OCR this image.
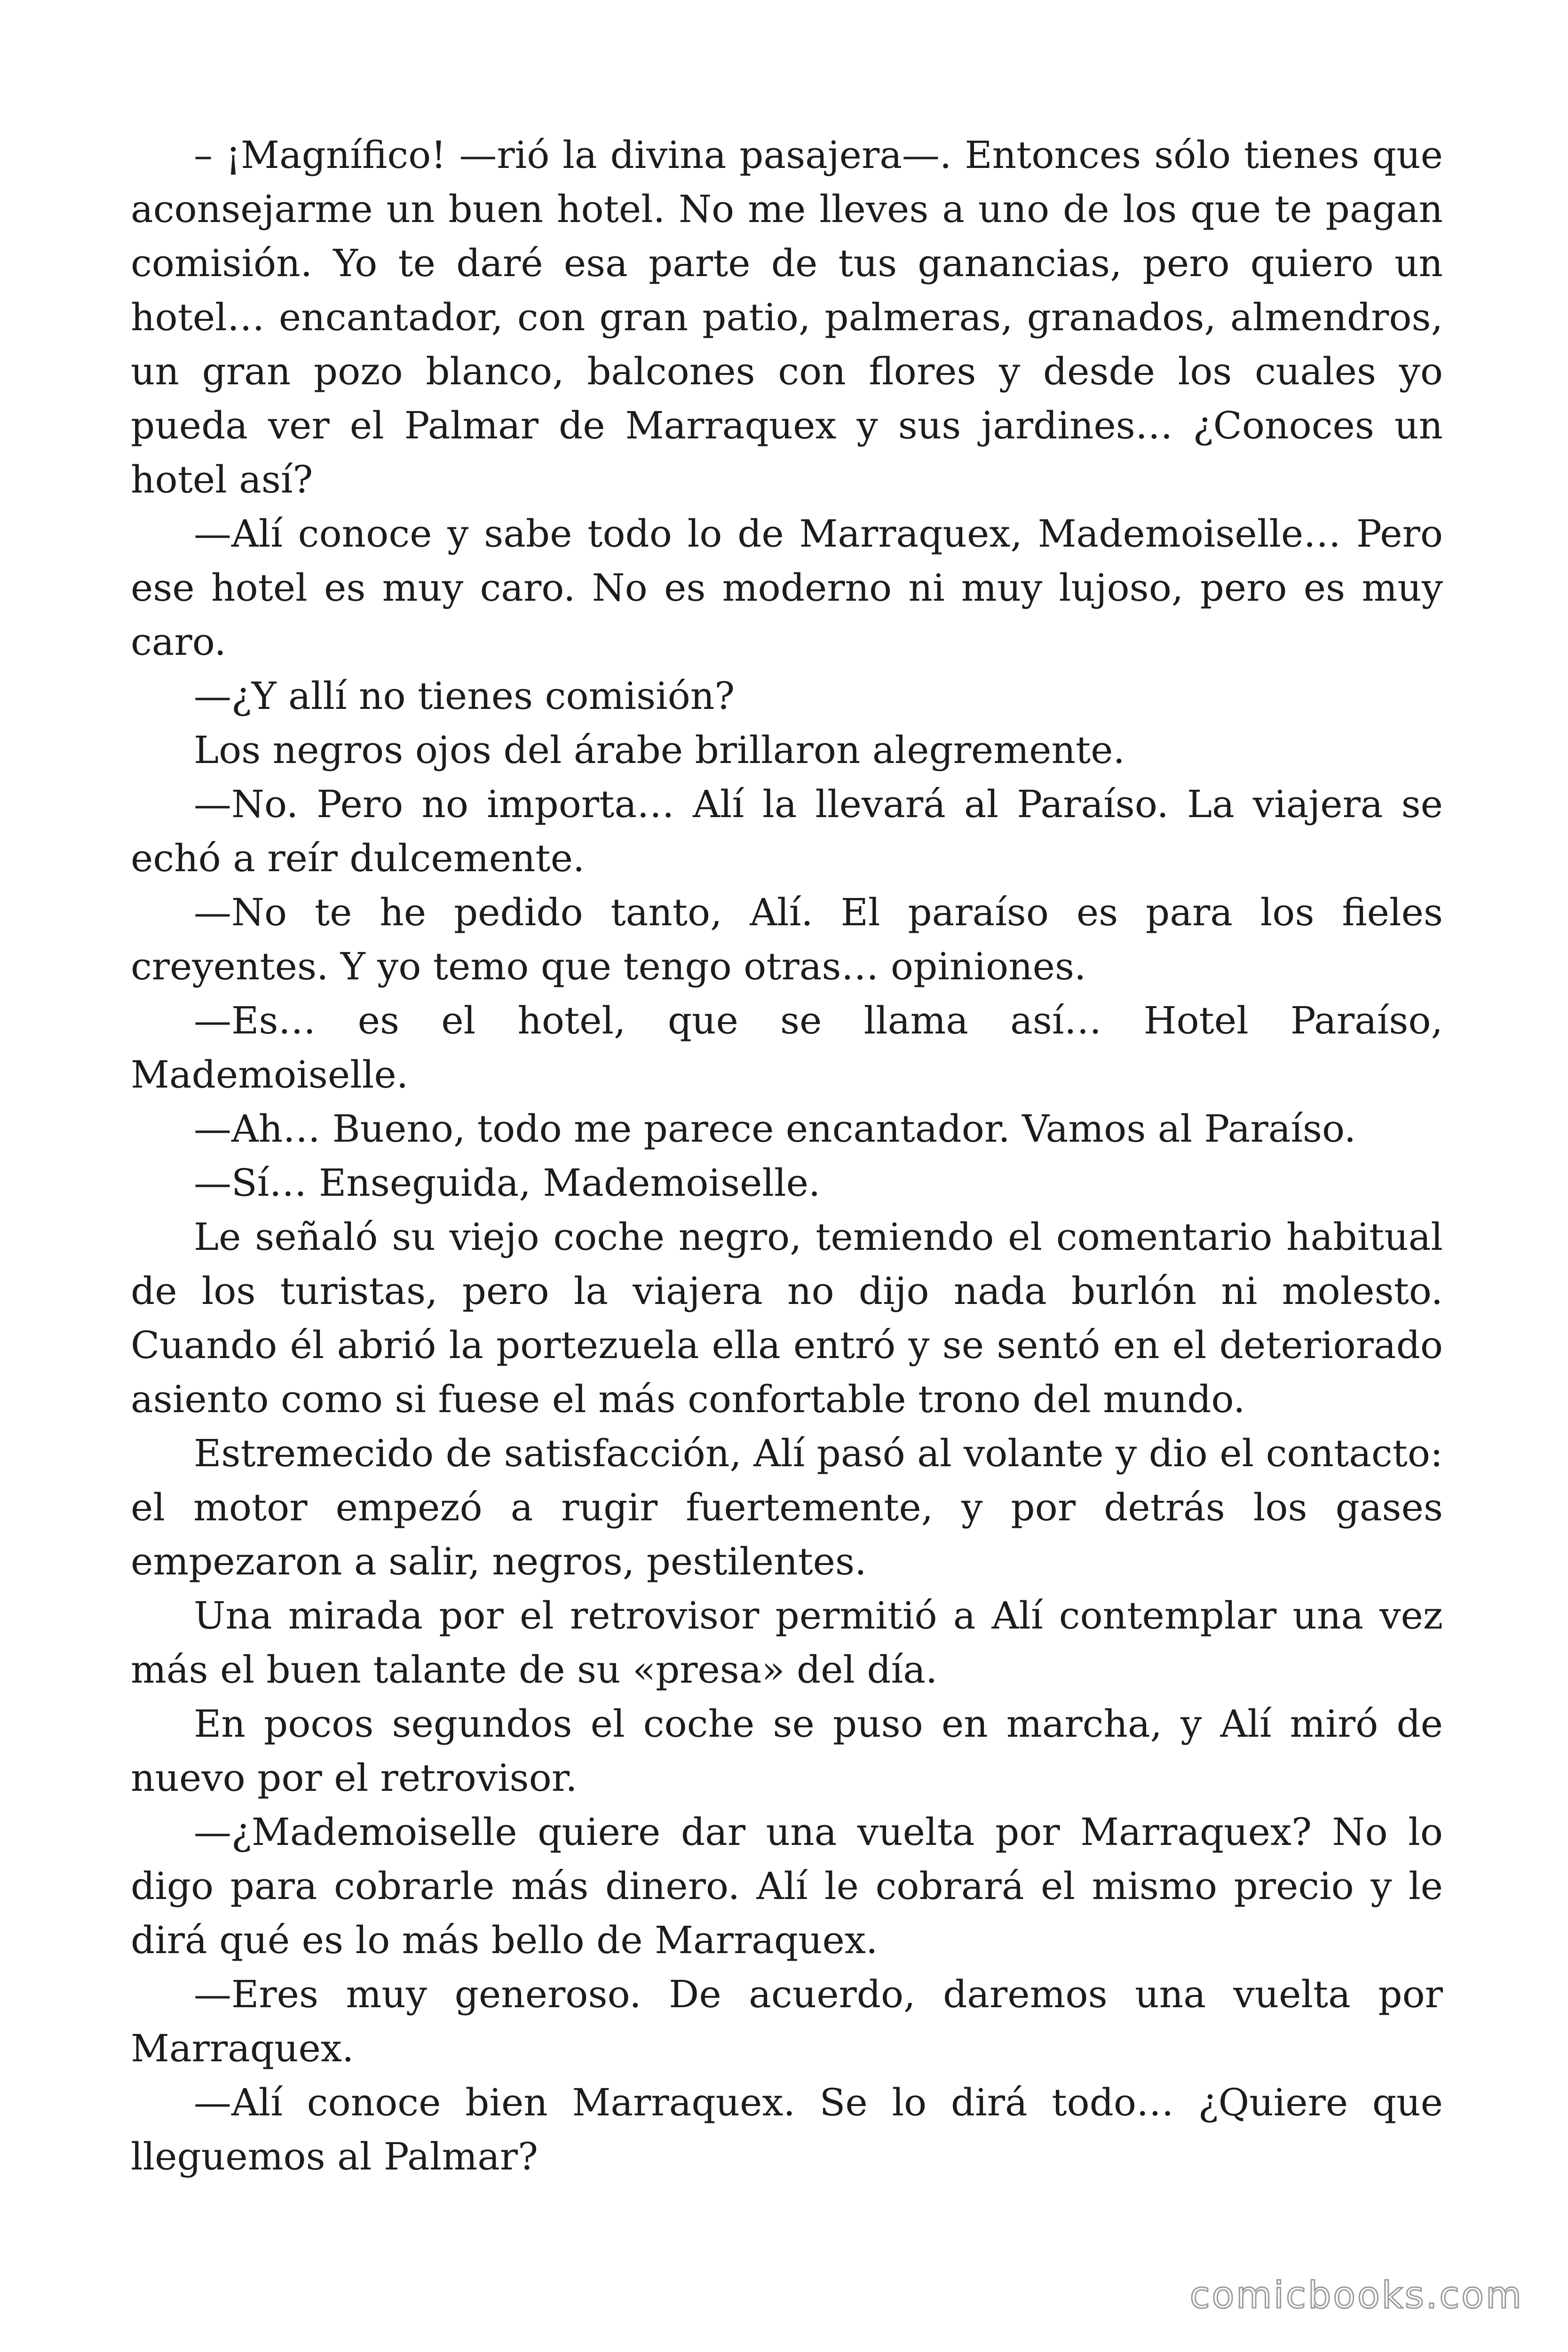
– ¡Magnífico! —rió la divina pasajera—. Entonces sólo tienes que aconsejarme un buen hotel. No me lleves a uno de los que te pagan comisión. Yo te daré esa parte de tus ganancias, pero quiero un hotel… encantador, con gran patio, palmeras, granados, almendros, un gran pozo blanco, balcones con flores y desde los cuales yo pueda ver el Palmar de Marraquex y sus jardines… ¿Conoces un hotel así?

—Alí conoce y sabe todo lo de Marraquex, Mademoiselle… Pero ese hotel es muy caro. No es moderno ni muy lujoso, pero es muy caro.

—¿Y allí no tienes comisión?

Los negros ojos del árabe brillaron alegremente.

—No. Pero no importa… Alí la llevará al Paraíso. La viajera se echó a reír dulcemente.

—No te he pedido tanto, Alí. El paraíso es para los fieles creyentes. Y yo temo que tengo otras… opiniones.

—Es… es el hotel, que se llama así… Hotel Paraíso, Mademoiselle.

—Ah… Bueno, todo me parece encantador. Vamos al Paraíso.

—Sí… Enseguida, Mademoiselle.

Le señaló su viejo coche negro, temiendo el comentario habitual de los turistas, pero la viajera no dijo nada burlón ni molesto. Cuando él abrió la portezuela ella entró y se sentó en el deteriorado asiento como si fuese el más confortable trono del mundo.

Estremecido de satisfacción, Alí pasó al volante y dio el contacto: el motor empezó a rugir fuertemente, y por detrás los gases empezaron a salir, negros, pestilentes.

Una mirada por el retrovisor permitió a Alí contemplar una vez más el buen talante de su «presa» del día.

En pocos segundos el coche se puso en marcha, y Alí miró de nuevo por el retrovisor.

—¿Mademoiselle quiere dar una vuelta por Marraquex? No lo digo para cobrarle más dinero. Alí le cobrará el mismo precio y le dirá qué es lo más bello de Marraquex.

—Eres muy generoso. De acuerdo, daremos una vuelta por Marraquex.

—Alí conoce bien Marraquex. Se lo dirá todo… ¿Quiere que lleguemos al Palmar?

comicbooks.com
